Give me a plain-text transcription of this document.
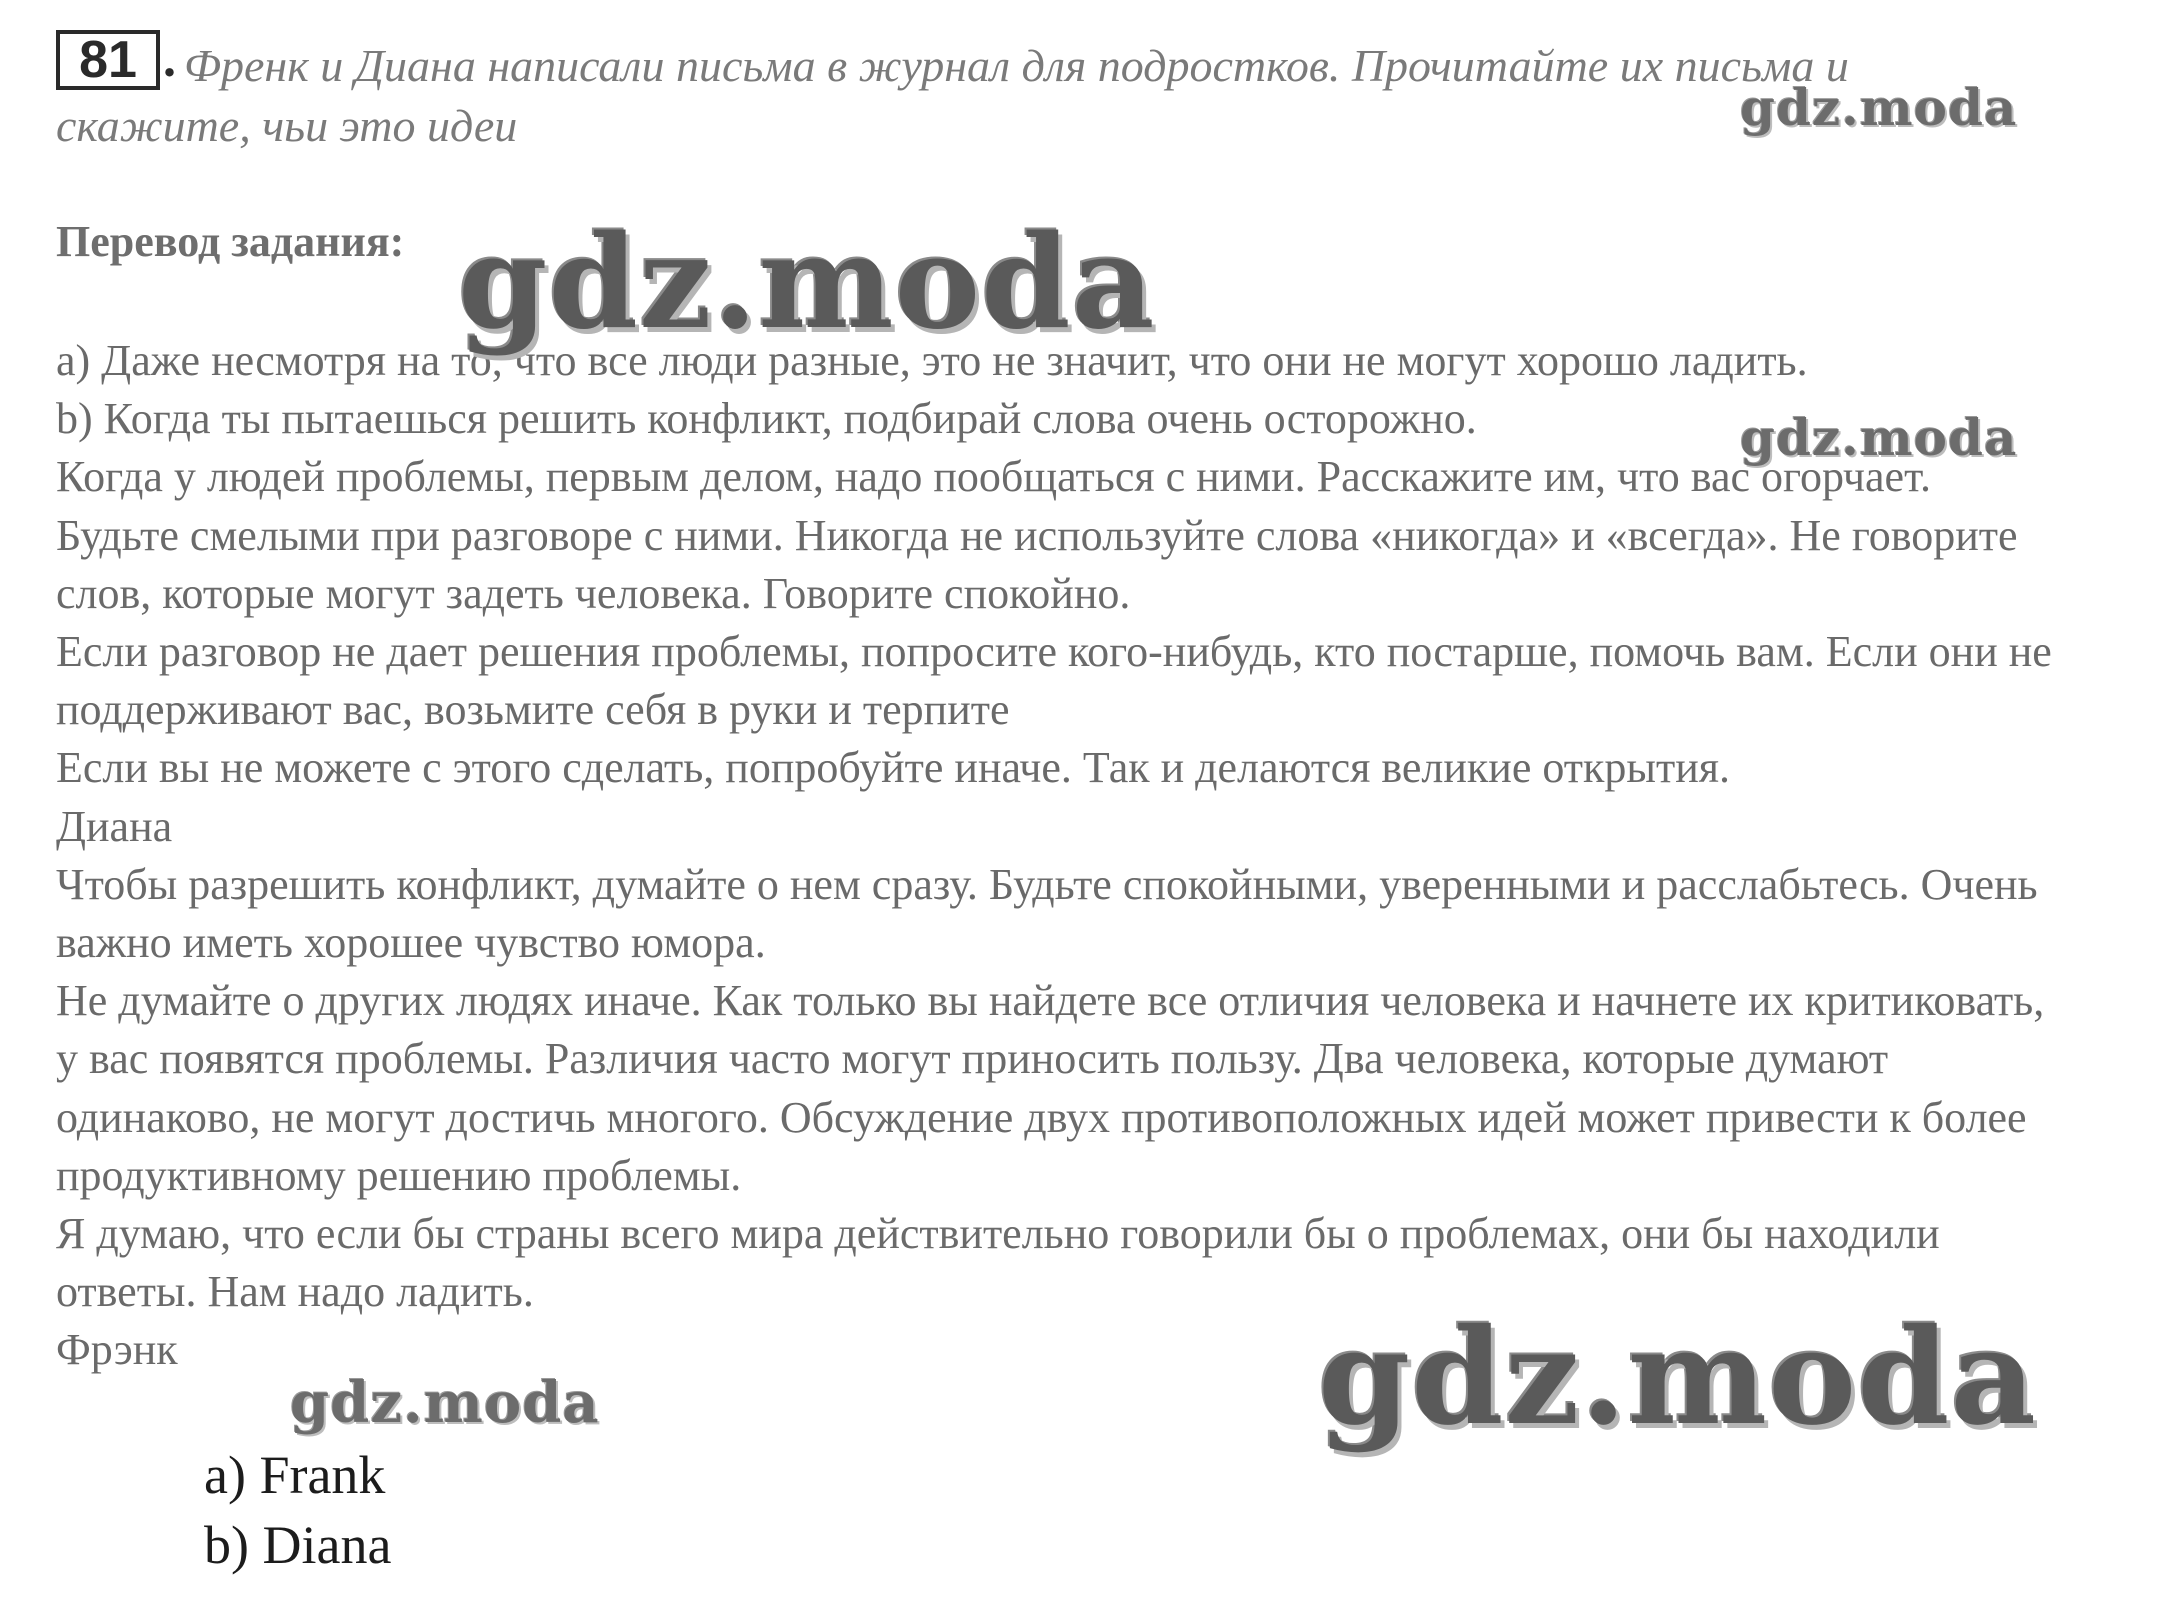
81 . Френк и Диана написали письма в журнал для подростков. Прочитайте их письма и скажите, чьи это идеи
Перевод задания:

a) Даже несмотря на то, что все люди разные, это не значит, что они не могут хорошо ладить.

b) Когда ты пытаешься решить конфликт, подбирай слова очень осторожно.

Когда у людей проблемы, первым делом, надо пообщаться с ними. Расскажите им, что вас огорчает. Будьте смелыми при разговоре с ними. Никогда не используйте слова «никогда» и «всегда». Не говорите слов, которые могут задеть человека. Говорите спокойно.

Если разговор не дает решения проблемы, попросите кого-нибудь, кто постарше, помочь вам. Если они не поддерживают вас, возьмите себя в руки и терпите

Если вы не можете с этого сделать, попробуйте иначе. Так и делаются великие открытия.

Диана

Чтобы разрешить конфликт, думайте о нем сразу. Будьте спокойными, уверенными и расслабьтесь. Очень важно иметь хорошее чувство юмора.

Не думайте о других людях иначе. Как только вы найдете все отличия человека и начнете их критиковать, у вас появятся проблемы. Различия часто могут приносить пользу. Два человека, которые думают одинаково, не могут достичь многого. Обсуждение двух противоположных идей может привести к более продуктивному решению проблемы.

Я думаю, что если бы страны всего мира действительно говорили бы о проблемах, они бы находили ответы. Нам надо ладить.

Фрэнк

a) Frank
b) Diana
gdz.moda
gdz.moda
gdz.moda
gdz.moda	gdz.moda
